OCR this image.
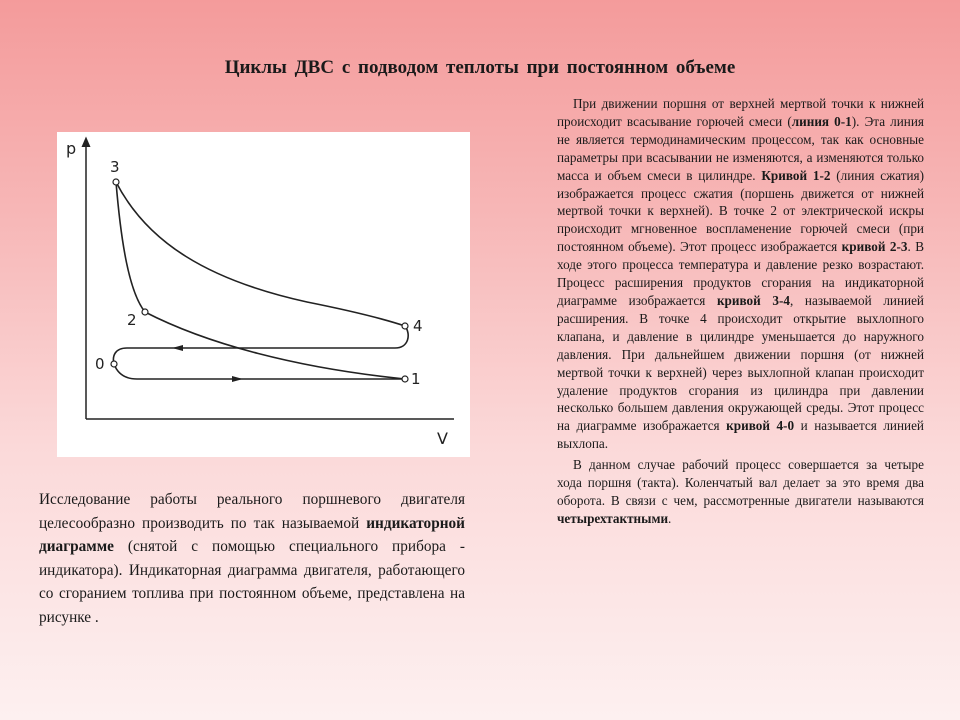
Циклы ДВС с подводом теплоты при постоянном объеме
p
V
3
2	4
1
0

Исследование работы реального поршневого двигателя целесообразно производить по так называемой индикаторной диаграмме (снятой с помощью специального прибора - индикатора). Индикаторная диаграмма двигателя, работающего со сгоранием топлива при постоянном объеме, представлена на рисунке .

При движении поршня от верхней мертвой точки к нижней происходит всасывание горючей смеси (линия 0-1). Эта линия не является термодинамическим процессом, так как основные параметры при всасывании не изменяются, а изменяются только масса и объем смеси в цилиндре. Кривой 1-2 (линия сжатия) изображается процесс сжатия (поршень движется от нижней мертвой точки к верхней). В точке 2 от электрической искры происходит мгновенное воспламенение горючей смеси (при постоянном объеме). Этот процесс изображается кривой 2-3. В ходе этого процесса температура и давление резко возрастают. Процесс расширения продуктов сгорания на индикаторной диаграмме изображается кривой 3-4, называемой линией расширения. В точке 4 происходит открытие выхлопного клапана, и давление в цилиндре уменьшается до наружного давления. При дальнейшем движении поршня (от нижней мертвой точки к верхней) через выхлопной клапан происходит удаление продуктов сгорания из цилиндра при давлении несколько большем давления окружающей среды. Этот процесс на диаграмме изображается кривой 4-0 и называется линией выхлопа.

В данном случае рабочий процесс совершается за четыре хода поршня (такта). Коленчатый вал делает за это время два оборота. В связи с чем, рассмотренные двигатели называются четырехтактными.
